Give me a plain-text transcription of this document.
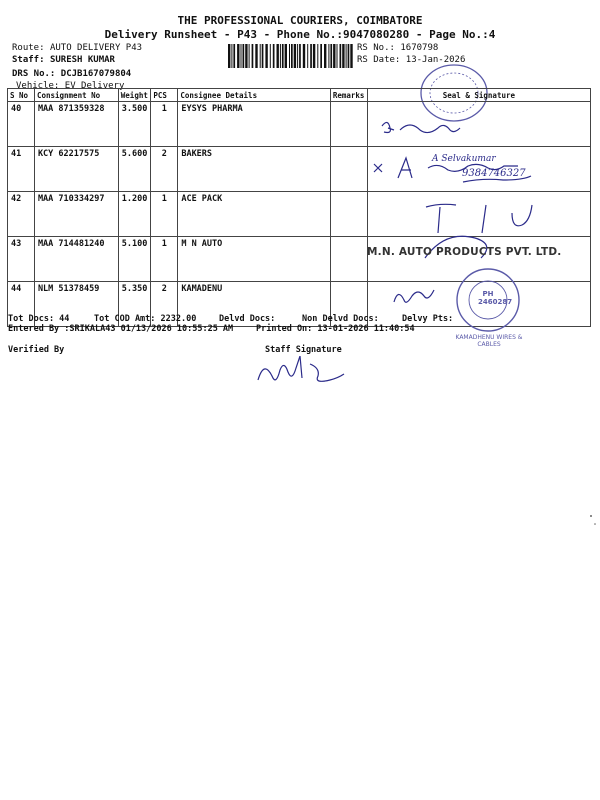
THE PROFESSIONAL COURIERS, COIMBATORE
Delivery Runsheet - P43 - Phone No.:9047080280 - Page No.:4
Route: AUTO DELIVERY P43
Staff: SURESH KUMAR
DRS No.: DCJB167079804
Vehicle: EV Delivery
RS No.: 1670798
RS Date: 13-Jan-2026
S No	Consignment No	Weight	PCS	Consignee Details	Remarks	Seal & Signature
40	MAA 871359328	3.500	1	EYSYS PHARMA		
41	KCY 62217575	5.600	2	BAKERS		
42	MAA 710334297	1.200	1	ACE PACK		
43	MAA 714481240	5.100	1	M N AUTO		
44	NLM 51378459	5.350	2	KAMADENU		
9384746327
A Selvakumar
M.N. AUTO PRODUCTS PVT. LTD.
PH 2460287
KAMADHENU WIRES & CABLES
Tot Docs: 44	Tot COD Amt: 2232.00	Delvd Docs:	Non Delvd Docs:	Delvy Pts:
Entered By :SRIKALA43 01/13/2026 10:55:25 AM	Printed On: 13-01-2026 11:40:54
Verified By	Staff Signature
